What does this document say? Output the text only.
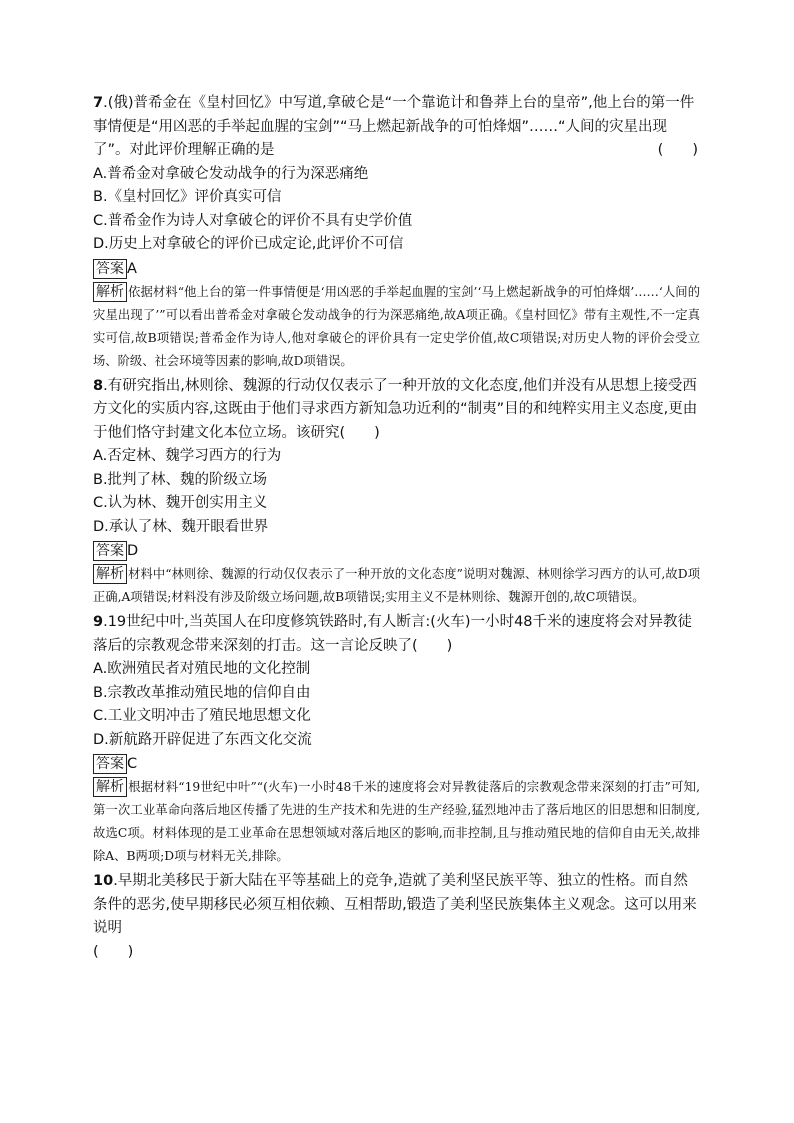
7.(俄)普希金在《皇村回忆》中写道,拿破仑是“一个靠诡计和鲁莽上台的皇帝”,他上台的第一件事情便是“用凶恶的手举起血腥的宝剑”“马上燃起新战争的可怕烽烟”……“人间的灾星出现了”。对此评价理解正确的是	(　　)

A.普希金对拿破仑发动战争的行为深恶痛绝

B.《皇村回忆》评价真实可信

C.普希金作为诗人对拿破仑的评价不具有史学价值

D.历史上对拿破仑的评价已成定论,此评价不可信

答案 A

解析 依据材料“他上台的第一件事情便是‘用凶恶的手举起血腥的宝剑’‘马上燃起新战争的可怕烽烟’……‘人间的灾星出现了’”可以看出普希金对拿破仑发动战争的行为深恶痛绝,故A项正确。《皇村回忆》带有主观性,不一定真实可信,故B项错误;普希金作为诗人,他对拿破仑的评价具有一定史学价值,故C项错误;对历史人物的评价会受立场、阶级、社会环境等因素的影响,故D项错误。

8.有研究指出,林则徐、魏源的行动仅仅表示了一种开放的文化态度,他们并没有从思想上接受西方文化的实质内容,这既由于他们寻求西方新知急功近利的“制夷”目的和纯粹实用主义态度,更由于他们恪守封建文化本位立场。该研究(　　)

A.否定林、魏学习西方的行为

B.批判了林、魏的阶级立场

C.认为林、魏开创实用主义

D.承认了林、魏开眼看世界

答案 D

解析 材料中“林则徐、魏源的行动仅仅表示了一种开放的文化态度”说明对魏源、林则徐学习西方的认可,故D项正确,A项错误;材料没有涉及阶级立场问题,故B项错误;实用主义不是林则徐、魏源开创的,故C项错误。

9.19世纪中叶,当英国人在印度修筑铁路时,有人断言:(火车)一小时48千米的速度将会对异教徒落后的宗教观念带来深刻的打击。这一言论反映了(　　)

A.欧洲殖民者对殖民地的文化控制

B.宗教改革推动殖民地的信仰自由

C.工业文明冲击了殖民地思想文化

D.新航路开辟促进了东西文化交流

答案 C

解析 根据材料“19世纪中叶”“(火车)一小时48千米的速度将会对异教徒落后的宗教观念带来深刻的打击”可知,第一次工业革命向落后地区传播了先进的生产技术和先进的生产经验,猛烈地冲击了落后地区的旧思想和旧制度,故选C项。材料体现的是工业革命在思想领域对落后地区的影响,而非控制,且与推动殖民地的信仰自由无关,故排除A、B两项;D项与材料无关,排除。

10.早期北美移民于新大陆在平等基础上的竞争,造就了美利坚民族平等、独立的性格。而自然条件的恶劣,使早期移民必须互相依赖、互相帮助,锻造了美利坚民族集体主义观念。这可以用来说明

(　　)
